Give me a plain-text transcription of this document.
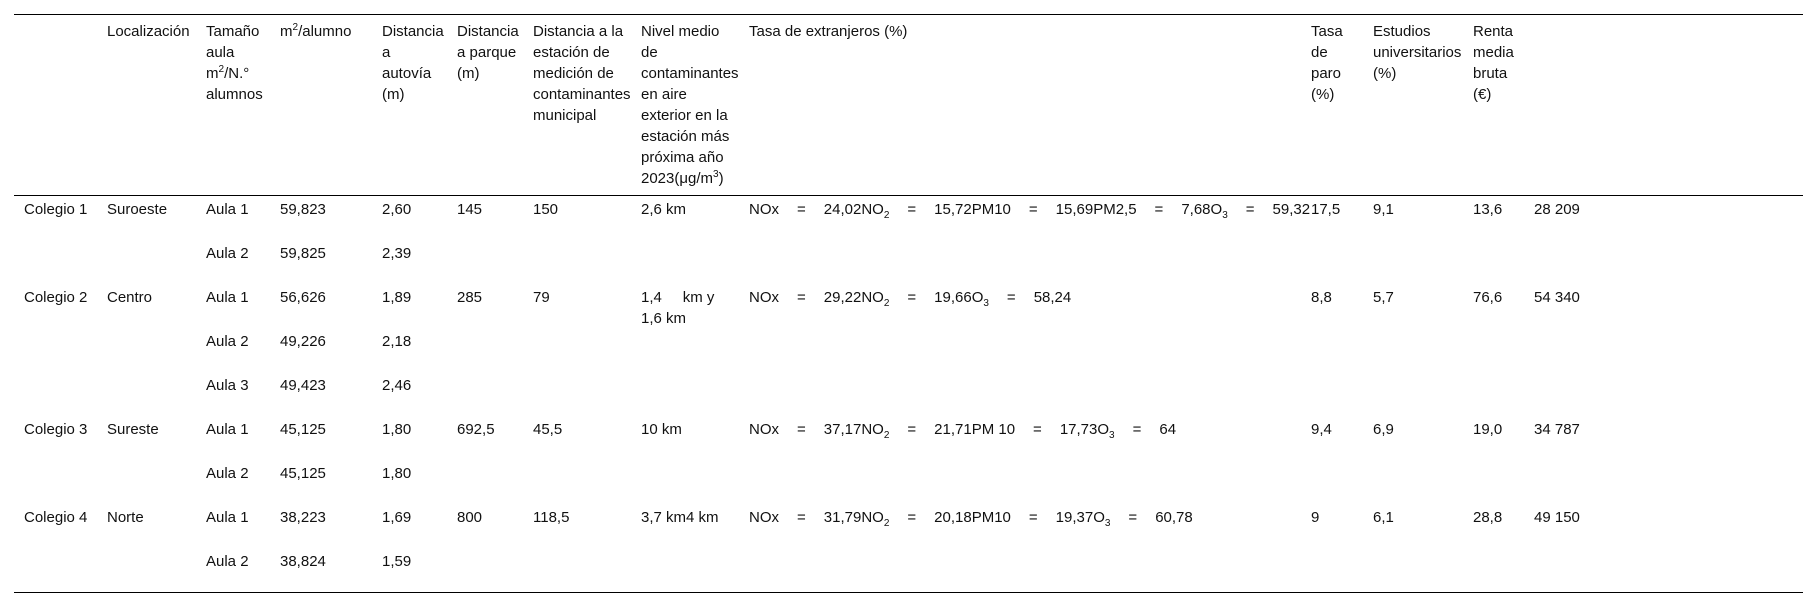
	Localización	Tamaño
aula
$m^2/N.^\circ$
alumnos	$m^2$/alumno	Distancia a autovía (m)	Distancia a parque (m)	Distancia a la estación de medición de contaminantes municipal	Nivel medio de contaminantes en aire exterior en la estación más próxima año $2023(\mu g/m^3)$	Tasa de extranjeros (%)	Tasa de paro (%)	Estudios universitarios (%)	Renta media bruta (€)	
Colegio 1	Suroeste	Aula 1	59,823	2,60	145	150	2,6 km	NOx = $24,02NO_2 = 15,72PM10 = 15,69PM2,5 = 7,68O_3 = 59,32$	17,5	9,1	13,6	28 209
		Aula 2	59,825	2,39								
Colegio 2	Centro	Aula 1	56,626	1,89	285	79	1,4     km y 1,6 km	NOx = $29,22NO_2 = 19,66O_3 = 58,24$	8,8	5,7	76,6	54 340
		Aula 2	49,226	2,18								
		Aula 3	49,423	2,46								
Colegio 3	Sureste	Aula 1	45,125	1,80	692,5	45,5	10 km	NOx = $37,17NO_2 = 21,71PM$ $10 = 17,73O_3 = 64$	9,4	6,9	19,0	34 787
		Aula 2	45,125	1,80								
Colegio 4	Norte	Aula 1	38,223	1,69	800	118,5	3,7 km4 km	NOx = $31,79NO_2 = 20,18PM10 = 19,37O_3 = 60,78$	9	6,1	28,8	49 150
		Aula 2	38,824	1,59								
